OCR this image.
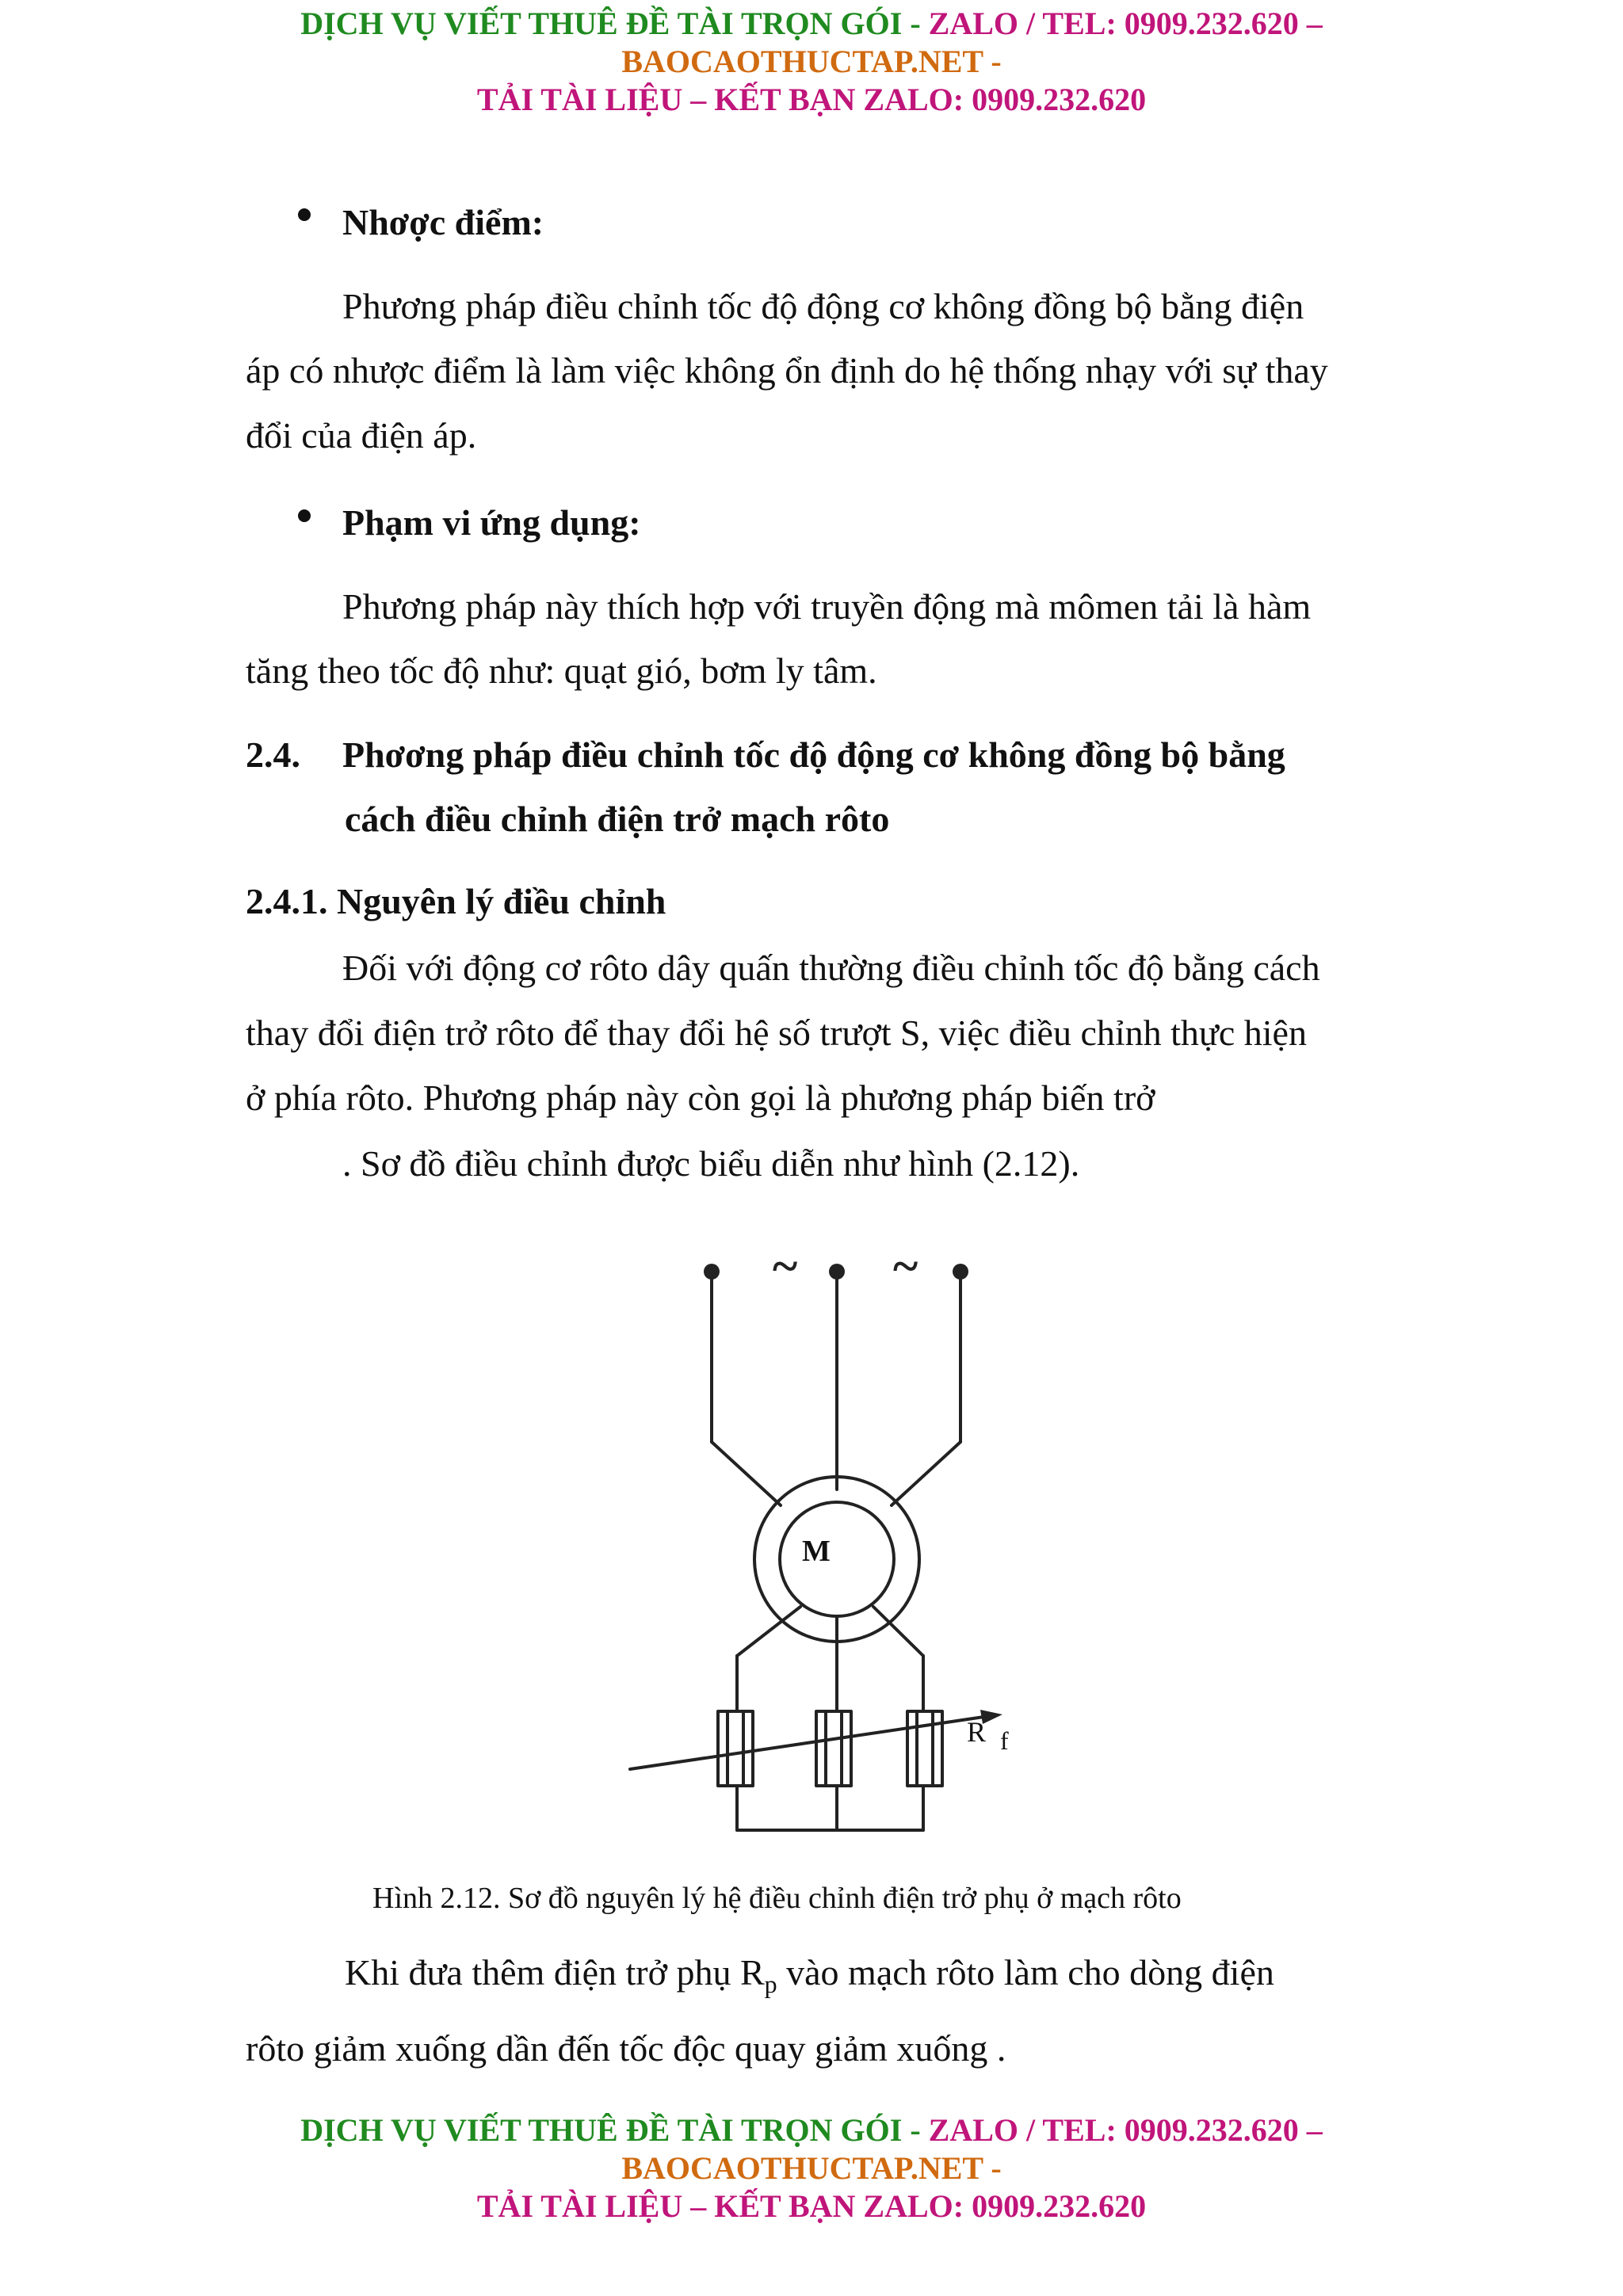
DỊCH VỤ VIẾT THUÊ ĐỀ TÀI TRỌN GÓI - ZALO / TEL: 0909.232.620 –
BAOCAOTHUCTAP.NET -
TẢI TÀI LIỆU – KẾT BẠN ZALO: 0909.232.620
Nhơợc điểm:
Phương pháp điều chỉnh tốc độ động cơ không đồng bộ bằng điện
áp có nhược điểm là làm việc không ổn định do hệ thống nhạy với sự thay
đổi của điện áp.
Phạm vi ứng dụng:
Phương pháp này thích hợp với truyền động mà mômen tải là hàm
tăng theo tốc độ như: quạt gió, bơm ly tâm.
2.4. Phơơng pháp điều chỉnh tốc độ động cơ không đồng bộ bằng
cách điều chỉnh điện trở mạch rôto
2.4.1. Nguyên lý điều chỉnh
Đối với động cơ rôto dây quấn thường điều chỉnh tốc độ bằng cách
thay đổi điện trở rôto để thay đổi hệ số trượt S, việc điều chỉnh thực hiện
ở phía rôto. Phương pháp này còn gọi là phương pháp biến trở
. Sơ đồ điều chỉnh được biểu diễn như hình (2.12).
~ ~
M
R f
Hình 2.12. Sơ đồ nguyên lý hệ điều chỉnh điện trở phụ ở mạch rôto
Khi đưa thêm điện trở phụ $R_p$ vào mạch rôto làm cho dòng điện
rôto giảm xuống dần đến tốc độc quay giảm xuống .
DỊCH VỤ VIẾT THUÊ ĐỀ TÀI TRỌN GÓI - ZALO / TEL: 0909.232.620 –
BAOCAOTHUCTAP.NET -
TẢI TÀI LIỆU – KẾT BẠN ZALO: 0909.232.620
